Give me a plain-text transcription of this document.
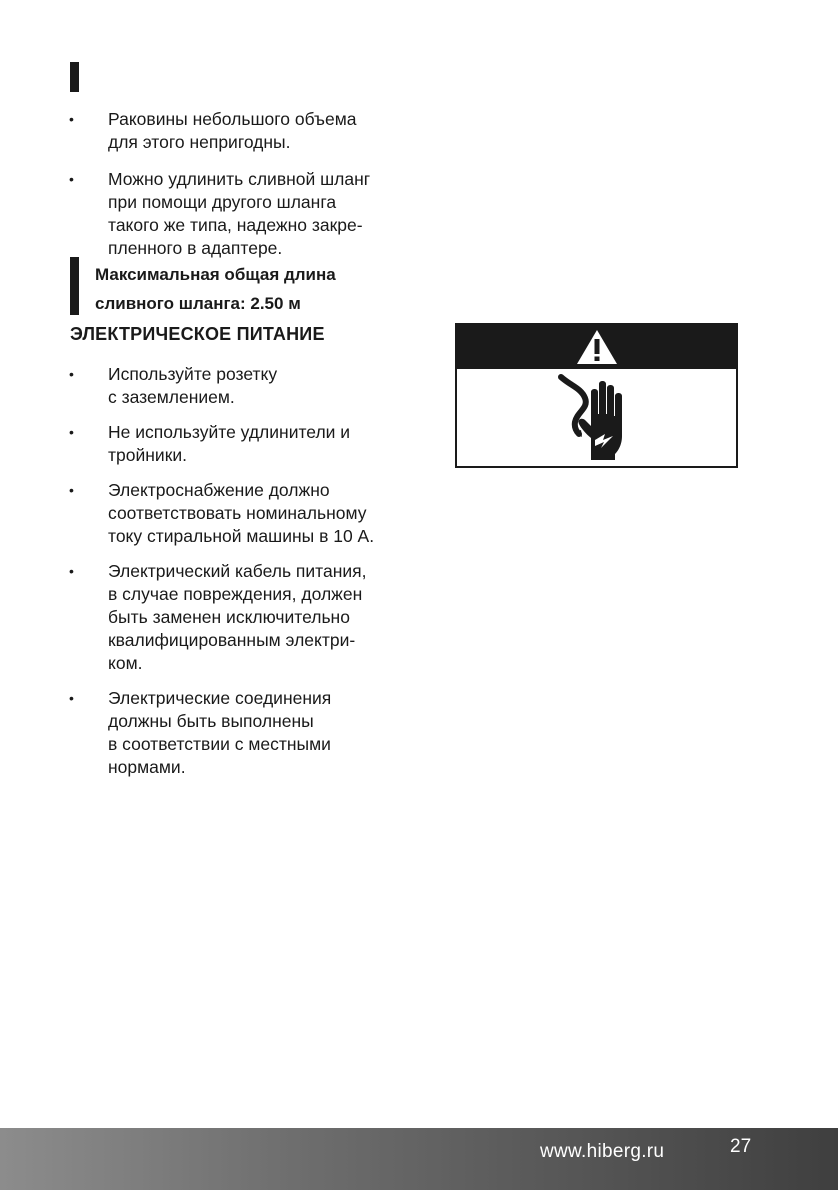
• Раковины небольшого объема
для этого непригодны.
• Можно удлинить сливной шланг
при помощи другого шланга
такого же типа, надежно закре-
пленного в адаптере.
Максимальная общая длина
сливного шланга: 2.50 м
ЭЛЕКТРИЧЕСКОЕ ПИТАНИЕ
• Используйте розетку
с заземлением.
• Не используйте удлинители и
тройники.
• Электроснабжение должно
соответствовать номинальному
току стиральной машины в 10 А.
• Электрический кабель питания,
в случае повреждения, должен
быть заменен исключительно
квалифицированным электри-
ком.
• Электрические соединения
должны быть выполнены
в соответствии с местными
нормами.
www.hiberg.ru	27
